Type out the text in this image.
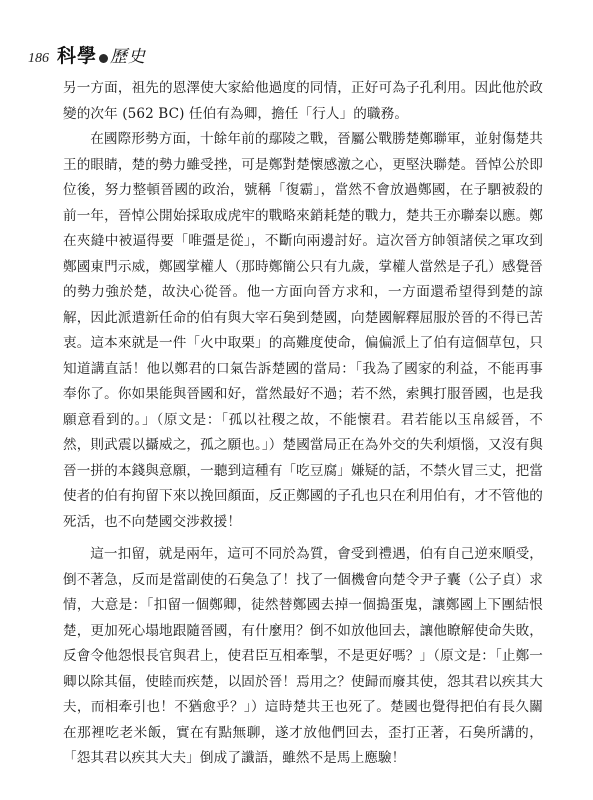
186 科學 歷史

另一方面，祖先的恩澤使大家給他過度的同情，正好可為子孔利用。因此他於政變的次年 (562 BC) 任伯有為卿，擔任「行人」的職務。

在國際形勢方面，十餘年前的鄢陵之戰，晉屬公戰勝楚鄭聯軍，並射傷楚共王的眼睛，楚的勢力雖受挫，可是鄭對楚懷感激之心，更堅決聯楚。晉悼公於即位後，努力整頓晉國的政治，號稱「復霸」，當然不會放過鄭國，在子駟被殺的前一年，晉悼公開始採取成虎牢的戰略來銷耗楚的戰力，楚共王亦聯秦以應。鄭在夾縫中被逼得要「唯彊是從」，不斷向兩邊討好。這次晉方帥領諸侯之軍攻到鄭國東門示威，鄭國掌權人（那時鄭簡公只有九歲，掌權人當然是子孔）感覺晉的勢力強於楚，故決心從晉。他一方面向晉方求和，一方面還希望得到楚的諒解，因此派遣新任命的伯有與大宰石㚟到楚國，向楚國解釋屈服於晉的不得已苦衷。這本來就是一件「火中取栗」的高難度使命，偏偏派上了伯有這個草包，只知道講直話！他以鄭君的口氣告訴楚國的當局：「我為了國家的利益，不能再事奉你了。你如果能與晉國和好，當然最好不過；若不然，索興打服晉國，也是我願意看到的。」（原文是：「孤以社稷之故，不能懷君。君若能以玉帛綏晉，不然，則武震以攝威之，孤之願也。」）楚國當局正在為外交的失利煩惱，又沒有與晉一拼的本錢與意願，一聽到這種有「吃豆腐」嫌疑的話，不禁火冒三丈，把當使者的伯有拘留下來以挽回顏面，反正鄭國的子孔也只在利用伯有，才不管他的死活，也不向楚國交涉救援！

這一扣留，就是兩年，這可不同於為質，會受到禮遇，伯有自己逆來順受，倒不著急，反而是當副使的石㚟急了！找了一個機會向楚令尹子囊（公子貞）求情，大意是：「扣留一個鄭卿，徒然替鄭國去掉一個搗蛋鬼，讓鄭國上下團結恨楚，更加死心塌地跟隨晉國，有什麼用？倒不如放他回去，讓他瞭解使命失敗，反會令他怨恨長官與君上，使君臣互相牽掣，不是更好嗎？」（原文是：「止鄭一卿以除其偪，使睦而疾楚，以固於晉！焉用之？使歸而廢其使，怨其君以疾其大夫，而相牽引也！不猶愈乎？」）這時楚共王也死了。楚國也覺得把伯有長久關在那裡吃老米飯，實在有點無聊，遂才放他們回去，歪打正著，石㚟所講的，「怨其君以疾其大夫」倒成了讖語，雖然不是馬上應驗！
